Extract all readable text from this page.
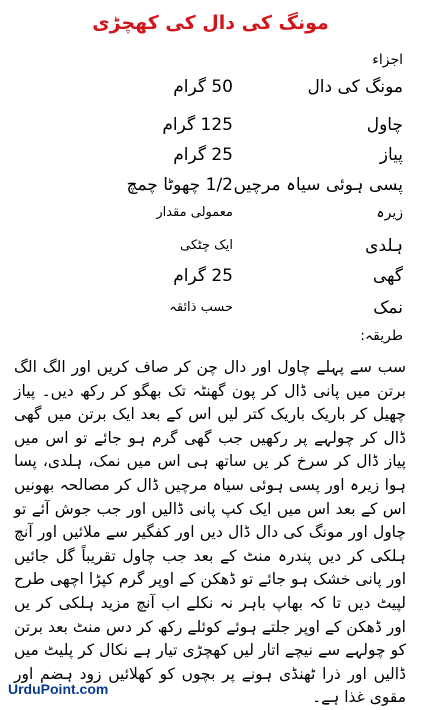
مونگ کی دال کی کھچڑی
اجزاء
مونگ کی دال
50 گرام
چاول
125 گرام
پیاز
25 گرام
پسی ہوئی سیاہ مرچیں
1/2 چھوٹا چمچ
زیرہ
معمولی مقدار
ہلدی
ایک چٹکی
گھی
25 گرام
نمک
حسب ذائقہ
طریقہ:
سب سے پہلے چاول اور دال چن کر صاف کریں اور الگ الگ برتن میں پانی ڈال کر پون گھنٹہ تک بھگو کر رکھ دیں۔ پیاز چھیل کر باریک باریک کتر لیں اس کے بعد ایک برتن میں گھی ڈال کر چولہے پر رکھیں جب گھی گرم ہو جائے تو اس میں پیاز ڈال کر سرخ کر یں ساتھ ہی اس میں نمک، ہلدی، پسا ہوا زیرہ اور پسی ہوئی سیاہ مرچیں ڈال کر مصالحہ بھونیں اس کے بعد اس میں ایک کپ پانی ڈالیں اور جب جوش آئے تو چاول اور مونگ کی دال ڈال دیں اور کفگیر سے ملائیں اور آنچ ہلکی کر دیں پندرہ منٹ کے بعد جب چاول تقریباً گل جائیں اور پانی خشک ہو جائے تو ڈھکن کے اوپر گرم کپڑا اچھی طرح لپیٹ دیں تا کہ بھاپ باہر نہ نکلے اب آنچ مزید ہلکی کر یں اور ڈھکن کے اوپر جلتے ہوئے کوئلے رکھ کر دس منٹ بعد برتن کو چولہے سے نیچے اتار لیں کھچڑی تیار ہے نکال کر پلیٹ میں ڈالیں اور ذرا ٹھنڈی ہونے پر بچوں کو کھلائیں زود ہضم اور مقوی غذا ہے۔
UrduPoint.com
